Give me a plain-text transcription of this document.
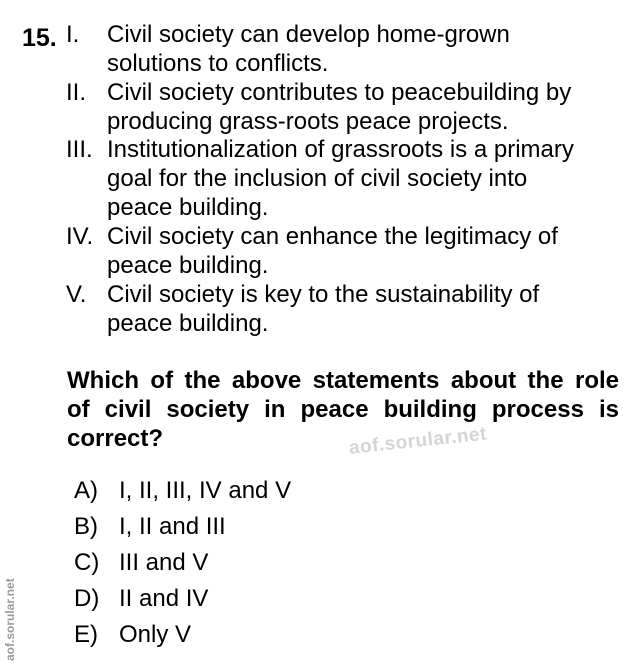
15. I. Civil society can develop home-grown
solutions to conflicts.
II. Civil society contributes to peacebuilding by
producing grass-roots peace projects.
III. Institutionalization of grassroots is a primary
goal for the inclusion of civil society into
peace building.
IV. Civil society can enhance the legitimacy of
peace building.
V. Civil society is key to the sustainability of
peace building.
Which of the above statements about the role
of civil society in peace building process is
correct?	aof.sorular.net
A) I, II, III, IV and V
B) I, II and III
C) III and V
D) II and IV
E) Only V
aof.sorular.net
